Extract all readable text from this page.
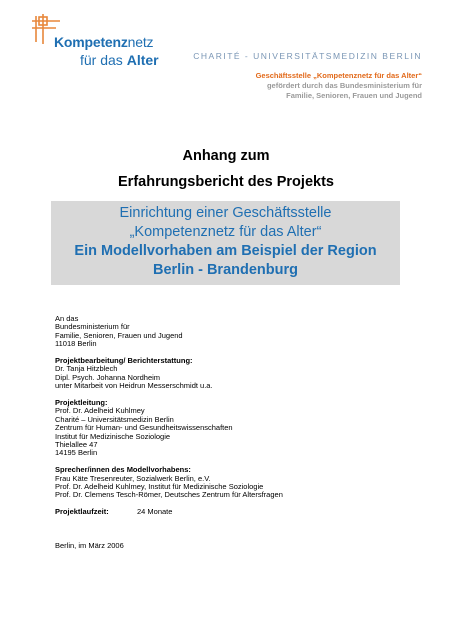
Kompetenznetz
für das Alter	CHARITÉ - UNIVERSITÄTSMEDIZIN BERLIN
Geschäftsstelle „Kompetenznetz für das Alter“
gefördert durch das Bundesministerium für
Familie, Senioren, Frauen und Jugend
Anhang zum
Erfahrungsbericht des Projekts
Einrichtung einer Geschäftsstelle
„Kompetenznetz für das Alter“
Ein Modellvorhaben am Beispiel der Region
Berlin - Brandenburg
An das
Bundesministerium für
Familie, Senioren, Frauen und Jugend
11018 Berlin
Projektbearbeitung/ Berichterstattung:
Dr. Tanja Hitzblech
Dipl. Psych. Johanna Nordheim
unter Mitarbeit von Heidrun Messerschmidt u.a.
Projektleitung:
Prof. Dr. Adelheid Kuhlmey
Charité – Universitätsmedizin Berlin
Zentrum für Human- und Gesundheitswissenschaften
Institut für Medizinische Soziologie
Thielallee 47
14195 Berlin
Sprecher/innen des Modellvorhabens:
Frau Käte Tresenreuter, Sozialwerk Berlin, e.V.
Prof. Dr. Adelheid Kuhlmey, Institut für Medizinische Soziologie
Prof. Dr. Clemens Tesch-Römer, Deutsches Zentrum für Altersfragen
Projektlaufzeit:	24 Monate
Berlin, im März 2006
